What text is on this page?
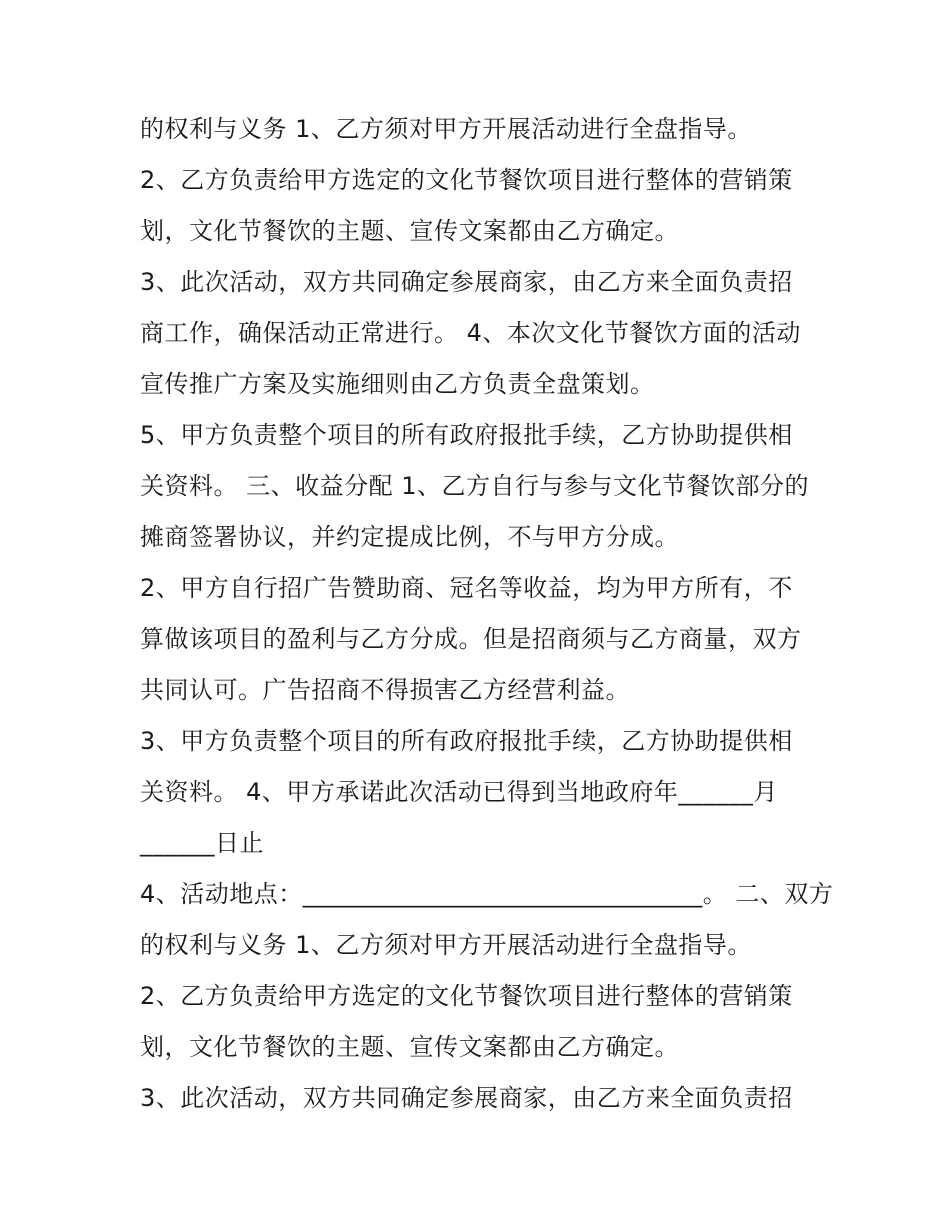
的权利与义务 1、乙方须对甲方开展活动进行全盘指导。
2、乙方负责给甲方选定的文化节餐饮项目进行整体的营销策
划，文化节餐饮的主题、宣传文案都由乙方确定。
3、此次活动，双方共同确定参展商家，由乙方来全面负责招
商工作，确保活动正常进行。 4、本次文化节餐饮方面的活动
宣传推广方案及实施细则由乙方负责全盘策划。
5、甲方负责整个项目的所有政府报批手续，乙方协助提供相
关资料。 三、收益分配 1、乙方自行与参与文化节餐饮部分的
摊商签署协议，并约定提成比例，不与甲方分成。
2、甲方自行招广告赞助商、冠名等收益，均为甲方所有，不
算做该项目的盈利与乙方分成。但是招商须与乙方商量，双方
共同认可。广告招商不得损害乙方经营利益。
3、甲方负责整个项目的所有政府报批手续，乙方协助提供相
关资料。 4、甲方承诺此次活动已得到当地政府年______月
______日止
4、活动地点：________________________________。 二、双方
的权利与义务 1、乙方须对甲方开展活动进行全盘指导。
2、乙方负责给甲方选定的文化节餐饮项目进行整体的营销策
划，文化节餐饮的主题、宣传文案都由乙方确定。
3、此次活动，双方共同确定参展商家，由乙方来全面负责招
